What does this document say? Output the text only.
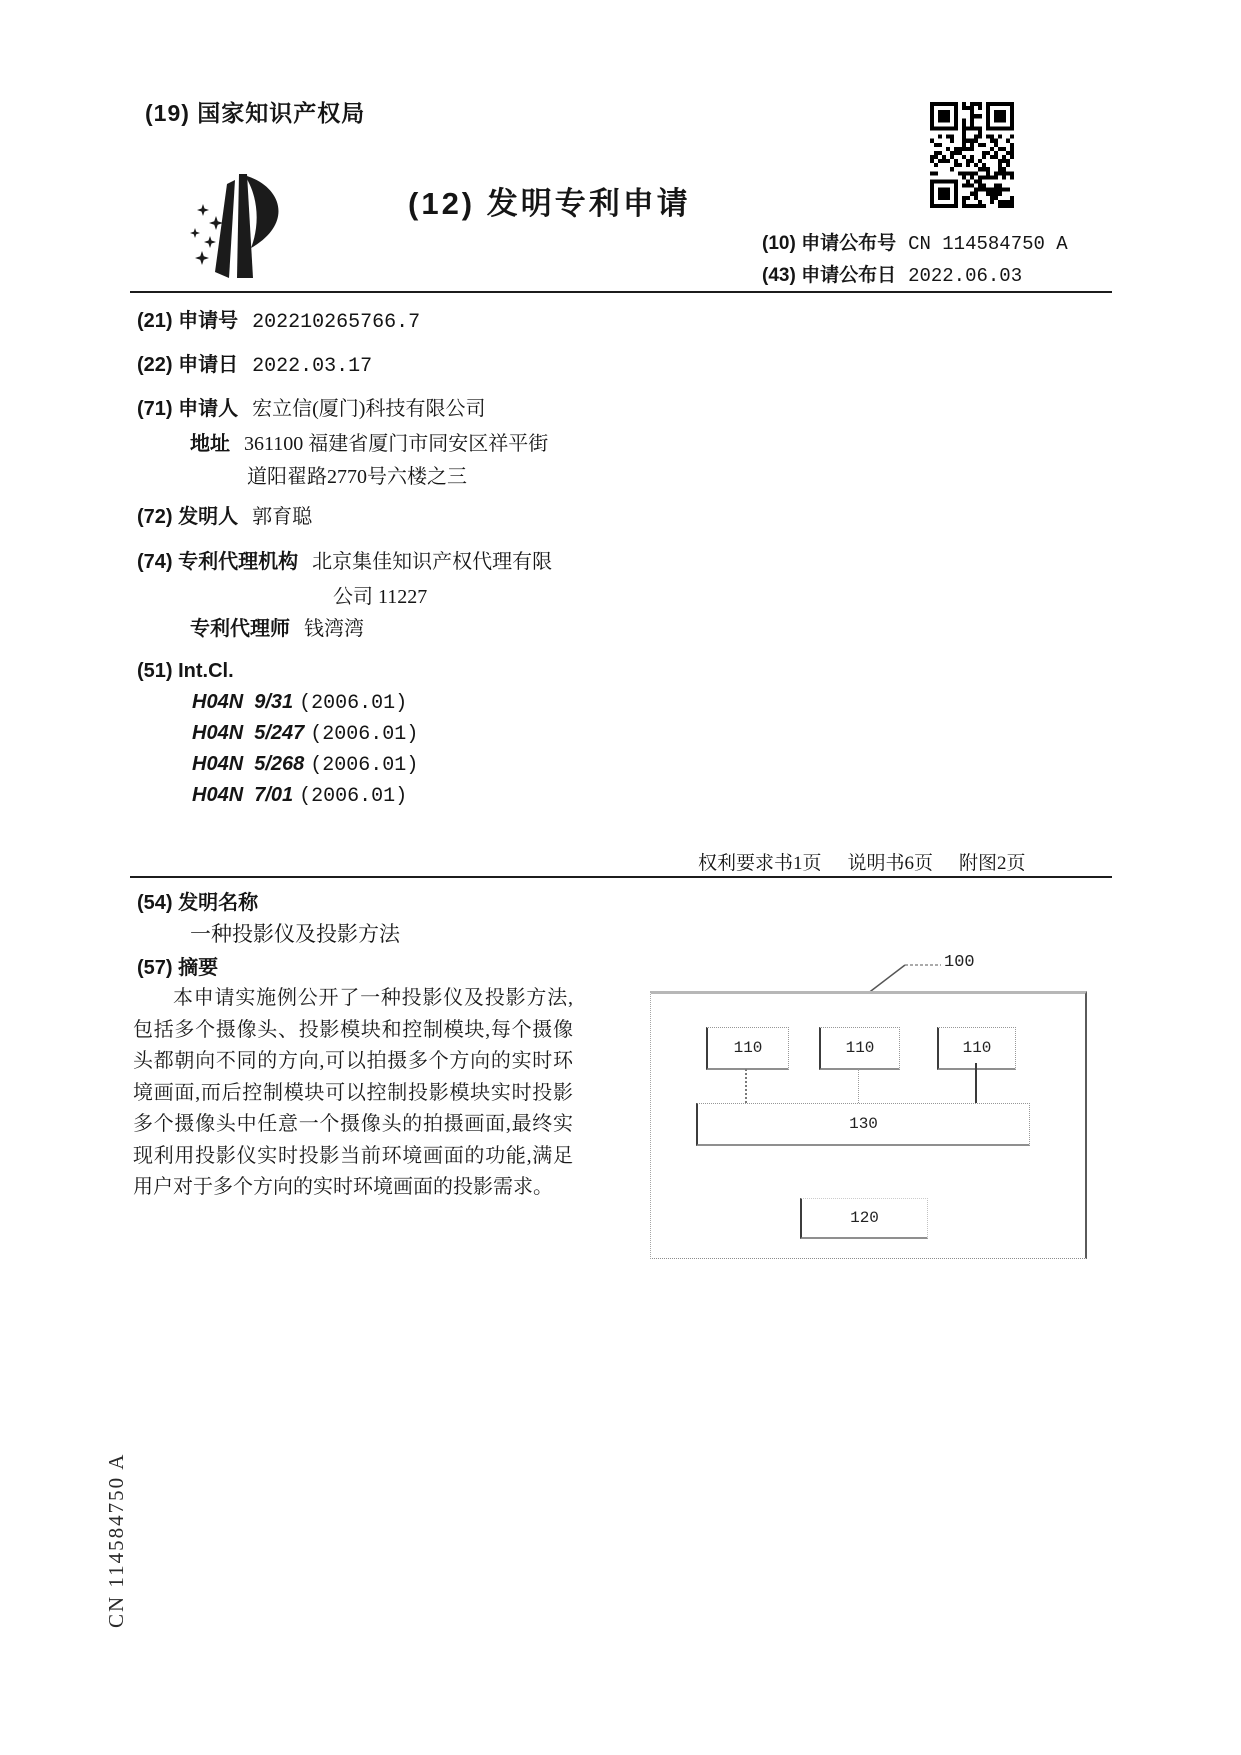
(19) 国家知识产权局
(12) 发明专利申请
(10) 申请公布号 CN 114584750 A
(43) 申请公布日 2022.06.03
(21) 申请号 202210265766.7
(22) 申请日 2022.03.17
(71) 申请人 宏立信(厦门)科技有限公司
地址 361100 福建省厦门市同安区祥平街
道阳翟路2770号六楼之三
(72) 发明人 郭育聪
(74) 专利代理机构 北京集佳知识产权代理有限
公司 11227
专利代理师 钱湾湾
(51) Int.Cl.
H04N  9/31 (2006.01)
H04N  5/247 (2006.01)
H04N  5/268 (2006.01)
H04N  7/01 (2006.01)
权利要求书1页 说明书6页 附图2页
(54) 发明名称
一种投影仪及投影方法
(57) 摘要
本申请实施例公开了一种投影仪及投影方法,包括多个摄像头、投影模块和控制模块,每个摄像头都朝向不同的方向,可以拍摄多个方向的实时环境画面,而后控制模块可以控制投影模块实时投影多个摄像头中任意一个摄像头的拍摄画面,最终实现利用投影仪实时投影当前环境画面的功能,满足用户对于多个方向的实时环境画面的投影需求。
100
110	110	110
130
120
CN 114584750 A
